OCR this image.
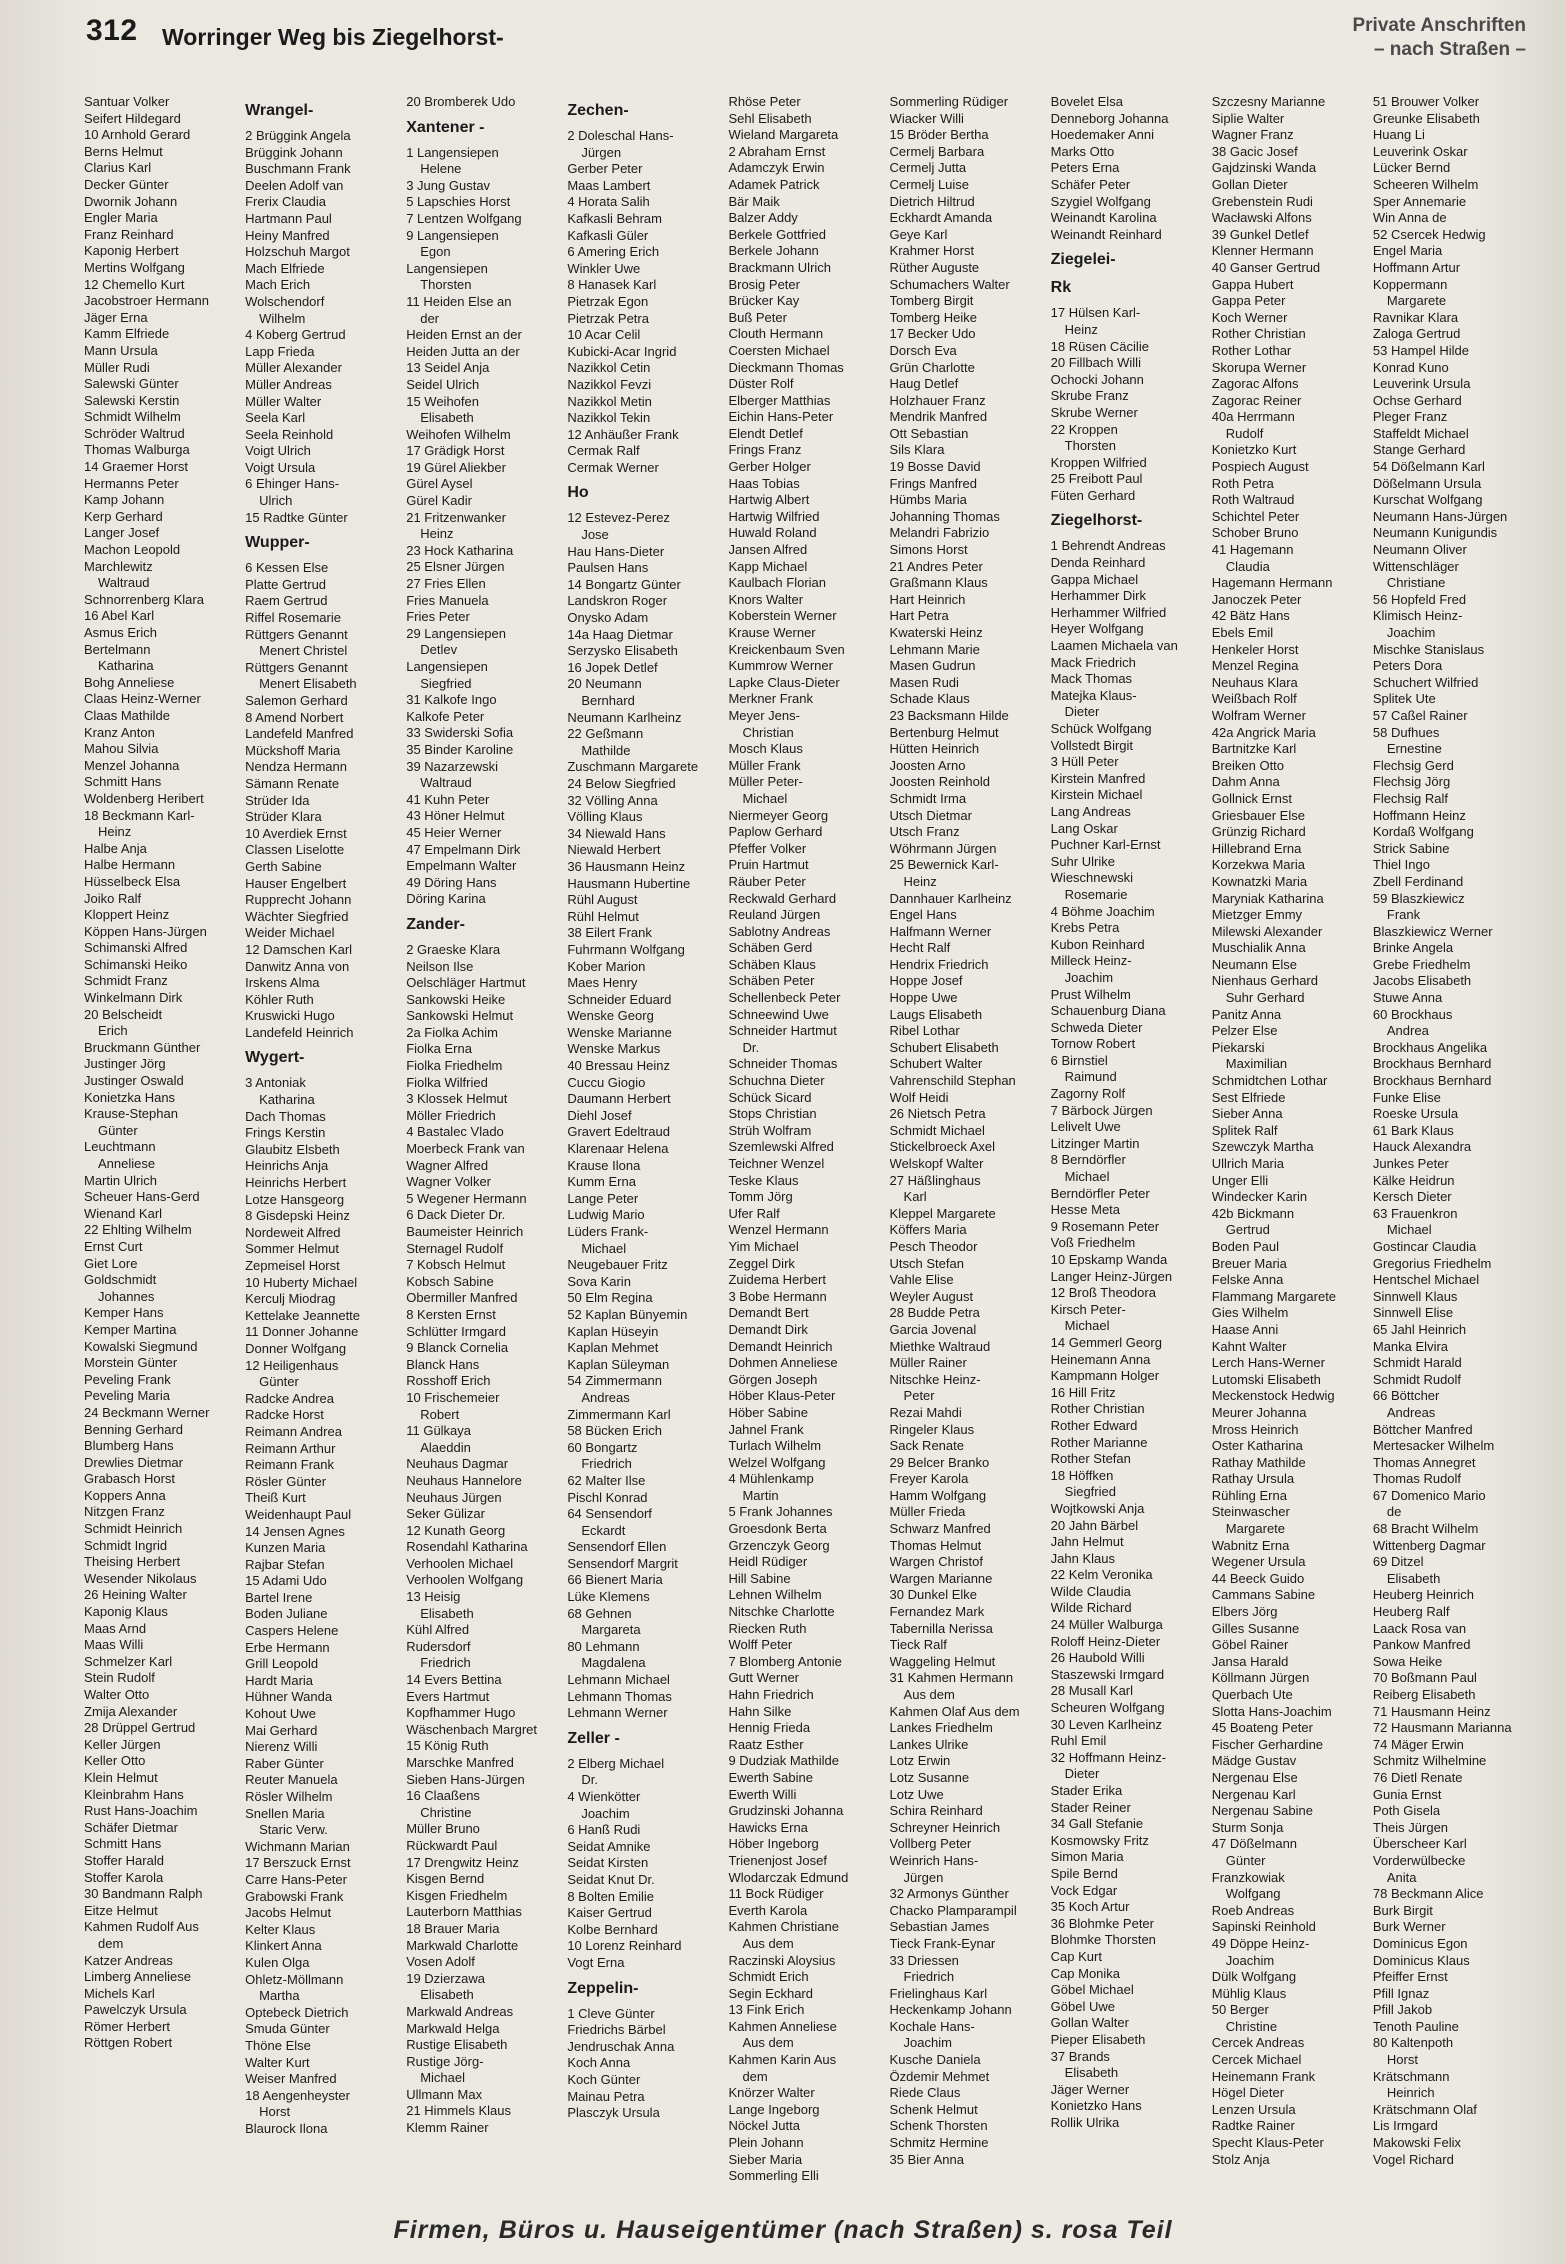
312 Worringer Weg bis Ziegelhorst-	Private Anschriften
– nach Straßen –
Santuar Volker
Seifert Hildegard
10 Arnhold Gerard
Berns Helmut
Clarius Karl
Decker Günter
Dwornik Johann
Engler Maria
Franz Reinhard
Kaponig Herbert
Mertins Wolfgang
12 Chemello Kurt
Jacobstroer Hermann
Jäger Erna
Kamm Elfriede
Mann Ursula
Müller Rudi
Salewski Günter
Salewski Kerstin
Schmidt Wilhelm
Schröder Waltrud
Thomas Walburga
14 Graemer Horst
Hermanns Peter
Kamp Johann
Kerp Gerhard
Langer Josef
Machon Leopold
Marchlewitz
Waltraud
Schnorrenberg Klara
16 Abel Karl
Asmus Erich
Bertelmann
Katharina
Bohg Anneliese
Claas Heinz-Werner
Claas Mathilde
Kranz Anton
Mahou Silvia
Menzel Johanna
Schmitt Hans
Woldenberg Heribert
18 Beckmann Karl-
Heinz
Halbe Anja
Halbe Hermann
Hüsselbeck Elsa
Joiko Ralf
Kloppert Heinz
Köppen Hans-Jürgen
Schimanski Alfred
Schimanski Heiko
Schmidt Franz
Winkelmann Dirk
20 Belscheidt
Erich
Bruckmann Günther
Justinger Jörg
Justinger Oswald
Konietzka Hans
Krause-Stephan
Günter
Leuchtmann
Anneliese
Martin Ulrich
Scheuer Hans-Gerd
Wienand Karl
22 Ehlting Wilhelm
Ernst Curt
Giet Lore
Goldschmidt
Johannes
Kemper Hans
Kemper Martina
Kowalski Siegmund
Morstein Günter
Peveling Frank
Peveling Maria
24 Beckmann Werner
Benning Gerhard
Blumberg Hans
Drewlies Dietmar
Grabasch Horst
Koppers Anna
Nitzgen Franz
Schmidt Heinrich
Schmidt Ingrid
Theising Herbert
Wesender Nikolaus
26 Heining Walter
Kaponig Klaus
Maas Arnd
Maas Willi
Schmelzer Karl
Stein Rudolf
Walter Otto
Zmija Alexander
28 Drüppel Gertrud
Keller Jürgen
Keller Otto
Klein Helmut
Kleinbrahm Hans
Rust Hans-Joachim
Schäfer Dietmar
Schmitt Hans
Stoffer Harald
Stoffer Karola
30 Bandmann Ralph
Eitze Helmut
Kahmen Rudolf Aus
dem
Katzer Andreas
Limberg Anneliese
Michels Karl
Pawelczyk Ursula
Römer Herbert
Röttgen Robert
Wrangel-
2 Brüggink Angela
Brüggink Johann
Buschmann Frank
Deelen Adolf van
Frerix Claudia
Hartmann Paul
Heiny Manfred
Holzschuh Margot
Mach Elfriede
Mach Erich
Wolschendorf
Wilhelm
4 Koberg Gertrud
Lapp Frieda
Müller Alexander
Müller Andreas
Müller Walter
Seela Karl
Seela Reinhold
Voigt Ulrich
Voigt Ursula
6 Ehinger Hans-
Ulrich
15 Radtke Günter
Wupper-
6 Kessen Else
Platte Gertrud
Raem Gertrud
Riffel Rosemarie
Rüttgers Genannt
Menert Christel
Rüttgers Genannt
Menert Elisabeth
Salemon Gerhard
8 Amend Norbert
Landefeld Manfred
Mückshoff Maria
Nendza Hermann
Sämann Renate
Strüder Ida
Strüder Klara
10 Averdiek Ernst
Classen Liselotte
Gerth Sabine
Hauser Engelbert
Rupprecht Johann
Wächter Siegfried
Weider Michael
12 Damschen Karl
Danwitz Anna von
Irskens Alma
Köhler Ruth
Kruswicki Hugo
Landefeld Heinrich
Wygert-
3 Antoniak
Katharina
Dach Thomas
Frings Kerstin
Glaubitz Elsbeth
Heinrichs Anja
Heinrichs Herbert
Lotze Hansgeorg
8 Gisdepski Heinz
Nordeweit Alfred
Sommer Helmut
Zepmeisel Horst
10 Huberty Michael
Kerculj Miodrag
Kettelake Jeannette
11 Donner Johanne
Donner Wolfgang
12 Heiligenhaus
Günter
Radcke Andrea
Radcke Horst
Reimann Andrea
Reimann Arthur
Reimann Frank
Rösler Günter
Theiß Kurt
Weidenhaupt Paul
14 Jensen Agnes
Kunzen Maria
Rajbar Stefan
15 Adami Udo
Bartel Irene
Boden Juliane
Caspers Helene
Erbe Hermann
Grill Leopold
Hardt Maria
Hühner Wanda
Kohout Uwe
Mai Gerhard
Nierenz Willi
Raber Günter
Reuter Manuela
Rösler Wilhelm
Snellen Maria
Staric Verw.
Wichmann Marian
17 Berszuck Ernst
Carre Hans-Peter
Grabowski Frank
Jacobs Helmut
Kelter Klaus
Klinkert Anna
Kulen Olga
Ohletz-Möllmann
Martha
Optebeck Dietrich
Smuda Günter
Thöne Else
Walter Kurt
Weiser Manfred
18 Aengenheyster
Horst
Blaurock Ilona
20 Bromberek Udo
Xantener -
1 Langensiepen
Helene
3 Jung Gustav
5 Lapschies Horst
7 Lentzen Wolfgang
9 Langensiepen
Egon
Langensiepen
Thorsten
11 Heiden Else an
der
Heiden Ernst an der
Heiden Jutta an der
13 Seidel Anja
Seidel Ulrich
15 Weihofen
Elisabeth
Weihofen Wilhelm
17 Grädigk Horst
19 Gürel Aliekber
Gürel Aysel
Gürel Kadir
21 Fritzenwanker
Heinz
23 Hock Katharina
25 Elsner Jürgen
27 Fries Ellen
Fries Manuela
Fries Peter
29 Langensiepen
Detlev
Langensiepen
Siegfried
31 Kalkofe Ingo
Kalkofe Peter
33 Swiderski Sofia
35 Binder Karoline
39 Nazarzewski
Waltraud
41 Kuhn Peter
43 Höner Helmut
45 Heier Werner
47 Empelmann Dirk
Empelmann Walter
49 Döring Hans
Döring Karina
Zander-
2 Graeske Klara
Neilson Ilse
Oelschläger Hartmut
Sankowski Heike
Sankowski Helmut
2a Fiolka Achim
Fiolka Erna
Fiolka Friedhelm
Fiolka Wilfried
3 Klossek Helmut
Möller Friedrich
4 Bastalec Vlado
Moerbeck Frank van
Wagner Alfred
Wagner Volker
5 Wegener Hermann
6 Dack Dieter Dr.
Baumeister Heinrich
Sternagel Rudolf
7 Kobsch Helmut
Kobsch Sabine
Obermiller Manfred
8 Kersten Ernst
Schlütter Irmgard
9 Blanck Cornelia
Blanck Hans
Rosshoff Erich
10 Frischemeier
Robert
11 Gülkaya
Alaeddin
Neuhaus Dagmar
Neuhaus Hannelore
Neuhaus Jürgen
Seker Gülizar
12 Kunath Georg
Rosendahl Katharina
Verhoolen Michael
Verhoolen Wolfgang
13 Heisig
Elisabeth
Kühl Alfred
Rudersdorf
Friedrich
14 Evers Bettina
Evers Hartmut
Kopfhammer Hugo
Wäschenbach Margret
15 König Ruth
Marschke Manfred
Sieben Hans-Jürgen
16 Claaßens
Christine
Müller Bruno
Rückwardt Paul
17 Drengwitz Heinz
Kisgen Bernd
Kisgen Friedhelm
Lauterborn Matthias
18 Brauer Maria
Markwald Charlotte
Vosen Adolf
19 Dzierzawa
Elisabeth
Markwald Andreas
Markwald Helga
Rustige Elisabeth
Rustige Jörg-
Michael
Ullmann Max
21 Himmels Klaus
Klemm Rainer
Zechen-
2 Doleschal Hans-
Jürgen
Gerber Peter
Maas Lambert
4 Horata Salih
Kafkasli Behram
Kafkasli Güler
6 Amering Erich
Winkler Uwe
8 Hanasek Karl
Pietrzak Egon
Pietrzak Petra
10 Acar Celil
Kubicki-Acar Ingrid
Nazikkol Cetin
Nazikkol Fevzi
Nazikkol Metin
Nazikkol Tekin
12 Anhäußer Frank
Cermak Ralf
Cermak Werner
Ho
12 Estevez-Perez
Jose
Hau Hans-Dieter
Paulsen Hans
14 Bongartz Günter
Landskron Roger
Onysko Adam
14a Haag Dietmar
Serzysko Elisabeth
16 Jopek Detlef
20 Neumann
Bernhard
Neumann Karlheinz
22 Geßmann
Mathilde
Zuschmann Margarete
24 Below Siegfried
32 Völling Anna
Völling Klaus
34 Niewald Hans
Niewald Herbert
36 Hausmann Heinz
Hausmann Hubertine
Rühl August
Rühl Helmut
38 Eilert Frank
Fuhrmann Wolfgang
Kober Marion
Maes Henry
Schneider Eduard
Wenske Georg
Wenske Marianne
Wenske Markus
40 Bressau Heinz
Cuccu Giogio
Daumann Herbert
Diehl Josef
Gravert Edeltraud
Klarenaar Helena
Krause Ilona
Kumm Erna
Lange Peter
Ludwig Mario
Lüders Frank-
Michael
Neugebauer Fritz
Sova Karin
50 Elm Regina
52 Kaplan Bünyemin
Kaplan Hüseyin
Kaplan Mehmet
Kaplan Süleyman
54 Zimmermann
Andreas
Zimmermann Karl
58 Bücken Erich
60 Bongartz
Friedrich
62 Malter Ilse
Pischl Konrad
64 Sensendorf
Eckardt
Sensendorf Ellen
Sensendorf Margrit
66 Bienert Maria
Lüke Klemens
68 Gehnen
Margareta
80 Lehmann
Magdalena
Lehmann Michael
Lehmann Thomas
Lehmann Werner
Zeller -
2 Elberg Michael
Dr.
4 Wienkötter
Joachim
6 Hanß Rudi
Seidat Amnike
Seidat Kirsten
Seidat Knut Dr.
8 Bolten Emilie
Kaiser Gertrud
Kolbe Bernhard
10 Lorenz Reinhard
Vogt Erna
Zeppelin-
1 Cleve Günter
Friedrichs Bärbel
Jendruschak Anna
Koch Anna
Koch Günter
Mainau Petra
Plasczyk Ursula
Rhöse Peter
Sehl Elisabeth
Wieland Margareta
2 Abraham Ernst
Adamczyk Erwin
Adamek Patrick
Bär Maik
Balzer Addy
Berkele Gottfried
Berkele Johann
Brackmann Ulrich
Brosig Peter
Brücker Kay
Buß Peter
Clouth Hermann
Coersten Michael
Dieckmann Thomas
Düster Rolf
Elberger Matthias
Eichin Hans-Peter
Elendt Detlef
Frings Franz
Gerber Holger
Haas Tobias
Hartwig Albert
Hartwig Wilfried
Huwald Roland
Jansen Alfred
Kapp Michael
Kaulbach Florian
Knors Walter
Koberstein Werner
Krause Werner
Kreickenbaum Sven
Kummrow Werner
Lapke Claus-Dieter
Merkner Frank
Meyer Jens-
Christian
Mosch Klaus
Müller Frank
Müller Peter-
Michael
Niermeyer Georg
Paplow Gerhard
Pfeffer Volker
Pruin Hartmut
Räuber Peter
Reckwald Gerhard
Reuland Jürgen
Sablotny Andreas
Schäben Gerd
Schäben Klaus
Schäben Peter
Schellenbeck Peter
Schneewind Uwe
Schneider Hartmut
Dr.
Schneider Thomas
Schuchna Dieter
Schück Sicard
Stops Christian
Strüh Wolfram
Szemlewski Alfred
Teichner Wenzel
Teske Klaus
Tomm Jörg
Ufer Ralf
Wenzel Hermann
Yim Michael
Zeggel Dirk
Zuidema Herbert
3 Bobe Hermann
Demandt Bert
Demandt Dirk
Demandt Heinrich
Dohmen Anneliese
Görgen Joseph
Höber Klaus-Peter
Höber Sabine
Jahnel Frank
Turlach Wilhelm
Welzel Wolfgang
4 Mühlenkamp
Martin
5 Frank Johannes
Groesdonk Berta
Grzenczyk Georg
Heidl Rüdiger
Hill Sabine
Lehnen Wilhelm
Nitschke Charlotte
Riecken Ruth
Wolff Peter
7 Blomberg Antonie
Gutt Werner
Hahn Friedrich
Hahn Silke
Hennig Frieda
Raatz Esther
9 Dudziak Mathilde
Ewerth Sabine
Ewerth Willi
Grudzinski Johanna
Hawicks Erna
Höber Ingeborg
Trienenjost Josef
Wlodarczak Edmund
11 Bock Rüdiger
Everth Karola
Kahmen Christiane
Aus dem
Raczinski Aloysius
Schmidt Erich
Segin Eckhard
13 Fink Erich
Kahmen Anneliese
Aus dem
Kahmen Karin Aus
dem
Knörzer Walter
Lange Ingeborg
Nöckel Jutta
Plein Johann
Sieber Maria
Sommerling Elli
Sommerling Rüdiger
Wiacker Willi
15 Bröder Bertha
Cermelj Barbara
Cermelj Jutta
Cermelj Luise
Dietrich Hiltrud
Eckhardt Amanda
Geye Karl
Krahmer Horst
Rüther Auguste
Schumachers Walter
Tomberg Birgit
Tomberg Heike
17 Becker Udo
Dorsch Eva
Grün Charlotte
Haug Detlef
Holzhauer Franz
Mendrik Manfred
Ott Sebastian
Sils Klara
19 Bosse David
Frings Manfred
Hümbs Maria
Johanning Thomas
Melandri Fabrizio
Simons Horst
21 Andres Peter
Graßmann Klaus
Hart Heinrich
Hart Petra
Kwaterski Heinz
Lehmann Marie
Masen Gudrun
Masen Rudi
Schade Klaus
23 Backsmann Hilde
Bertenburg Helmut
Hütten Heinrich
Joosten Arno
Joosten Reinhold
Schmidt Irma
Utsch Dietmar
Utsch Franz
Wöhrmann Jürgen
25 Bewernick Karl-
Heinz
Dannhauer Karlheinz
Engel Hans
Halfmann Werner
Hecht Ralf
Hendrix Friedrich
Hoppe Josef
Hoppe Uwe
Laugs Elisabeth
Ribel Lothar
Schubert Elisabeth
Schubert Walter
Vahrenschild Stephan
Wolf Heidi
26 Nietsch Petra
Schmidt Michael
Stickelbroeck Axel
Welskopf Walter
27 Häßlinghaus
Karl
Kleppel Margarete
Köffers Maria
Pesch Theodor
Utsch Stefan
Vahle Elise
Weyler August
28 Budde Petra
Garcia Jovenal
Miethke Waltraud
Müller Rainer
Nitschke Heinz-
Peter
Rezai Mahdi
Ringeler Klaus
Sack Renate
29 Belcer Branko
Freyer Karola
Hamm Wolfgang
Müller Frieda
Schwarz Manfred
Thomas Helmut
Wargen Christof
Wargen Marianne
30 Dunkel Elke
Fernandez Mark
Tabernilla Nerissa
Tieck Ralf
Waggeling Helmut
31 Kahmen Hermann
Aus dem
Kahmen Olaf Aus dem
Lankes Friedhelm
Lankes Ulrike
Lotz Erwin
Lotz Susanne
Lotz Uwe
Schira Reinhard
Schreyner Heinrich
Vollberg Peter
Weinrich Hans-
Jürgen
32 Armonys Günther
Chacko Plamparampil
Sebastian James
Tieck Frank-Eynar
33 Driessen
Friedrich
Frielinghaus Karl
Heckenkamp Johann
Kochale Hans-
Joachim
Kusche Daniela
Özdemir Mehmet
Riede Claus
Schenk Helmut
Schenk Thorsten
Schmitz Hermine
35 Bier Anna
Bovelet Elsa
Denneborg Johanna
Hoedemaker Anni
Marks Otto
Peters Erna
Schäfer Peter
Szygiel Wolfgang
Weinandt Karolina
Weinandt Reinhard
Ziegelei-
Rk
17 Hülsen Karl-
Heinz
18 Rüsen Cäcilie
20 Fillbach Willi
Ochocki Johann
Skrube Franz
Skrube Werner
22 Kroppen
Thorsten
Kroppen Wilfried
25 Freibott Paul
Füten Gerhard
Ziegelhorst-
1 Behrendt Andreas
Denda Reinhard
Gappa Michael
Herhammer Dirk
Herhammer Wilfried
Heyer Wolfgang
Laamen Michaela van
Mack Friedrich
Mack Thomas
Matejka Klaus-
Dieter
Schück Wolfgang
Vollstedt Birgit
3 Hüll Peter
Kirstein Manfred
Kirstein Michael
Lang Andreas
Lang Oskar
Puchner Karl-Ernst
Suhr Ulrike
Wieschnewski
Rosemarie
4 Böhme Joachim
Krebs Petra
Kubon Reinhard
Milleck Heinz-
Joachim
Prust Wilhelm
Schauenburg Diana
Schweda Dieter
Tornow Robert
6 Birnstiel
Raimund
Zagorny Rolf
7 Bärbock Jürgen
Lelivelt Uwe
Litzinger Martin
8 Berndörfler
Michael
Berndörfler Peter
Hesse Meta
9 Rosemann Peter
Voß Friedhelm
10 Epskamp Wanda
Langer Heinz-Jürgen
12 Broß Theodora
Kirsch Peter-
Michael
14 Gemmerl Georg
Heinemann Anna
Kampmann Holger
16 Hill Fritz
Rother Christian
Rother Edward
Rother Marianne
Rother Stefan
18 Höffken
Siegfried
Wojtkowski Anja
20 Jahn Bärbel
Jahn Helmut
Jahn Klaus
22 Kelm Veronika
Wilde Claudia
Wilde Richard
24 Müller Walburga
Roloff Heinz-Dieter
26 Haubold Willi
Staszewski Irmgard
28 Musall Karl
Scheuren Wolfgang
30 Leven Karlheinz
Ruhl Emil
32 Hoffmann Heinz-
Dieter
Stader Erika
Stader Reiner
34 Gall Stefanie
Kosmowsky Fritz
Simon Maria
Spile Bernd
Vock Edgar
35 Koch Artur
36 Blohmke Peter
Blohmke Thorsten
Cap Kurt
Cap Monika
Göbel Michael
Göbel Uwe
Gollan Walter
Pieper Elisabeth
37 Brands
Elisabeth
Jäger Werner
Konietzko Hans
Rollik Ulrika
Szczesny Marianne
Siplie Walter
Wagner Franz
38 Gacic Josef
Gajdzinski Wanda
Gollan Dieter
Grebenstein Rudi
Wacławski Alfons
39 Gunkel Detlef
Klenner Hermann
40 Ganser Gertrud
Gappa Hubert
Gappa Peter
Koch Werner
Rother Christian
Rother Lothar
Skorupa Werner
Zagorac Alfons
Zagorac Reiner
40a Herrmann
Rudolf
Konietzko Kurt
Pospiech August
Roth Petra
Roth Waltraud
Schichtel Peter
Schober Bruno
41 Hagemann
Claudia
Hagemann Hermann
Janoczek Peter
42 Bätz Hans
Ebels Emil
Henkeler Horst
Menzel Regina
Neuhaus Klara
Weißbach Rolf
Wolfram Werner
42a Angrick Maria
Bartnitzke Karl
Breiken Otto
Dahm Anna
Gollnick Ernst
Griesbauer Else
Grünzig Richard
Hillebrand Erna
Korzekwa Maria
Kownatzki Maria
Maryniak Katharina
Mietzger Emmy
Milewski Alexander
Muschialik Anna
Neumann Else
Nienhaus Gerhard
Suhr Gerhard
Panitz Anna
Pelzer Else
Piekarski
Maximilian
Schmidtchen Lothar
Sest Elfriede
Sieber Anna
Splitek Ralf
Szewczyk Martha
Ullrich Maria
Unger Elli
Windecker Karin
42b Bickmann
Gertrud
Boden Paul
Breuer Maria
Felske Anna
Flammang Margarete
Gies Wilhelm
Haase Anni
Kahnt Walter
Lerch Hans-Werner
Lutomski Elisabeth
Meckenstock Hedwig
Meurer Johanna
Mross Heinrich
Oster Katharina
Rathay Mathilde
Rathay Ursula
Rühling Erna
Steinwascher
Margarete
Wabnitz Erna
Wegener Ursula
44 Beeck Guido
Cammans Sabine
Elbers Jörg
Gilles Susanne
Göbel Rainer
Jansa Harald
Köllmann Jürgen
Querbach Ute
Slotta Hans-Joachim
45 Boateng Peter
Fischer Gerhardine
Mädge Gustav
Nergenau Else
Nergenau Karl
Nergenau Sabine
Sturm Sonja
47 Dößelmann
Günter
Franzkowiak
Wolfgang
Roeb Andreas
Sapinski Reinhold
49 Döppe Heinz-
Joachim
Dülk Wolfgang
Mühlig Klaus
50 Berger
Christine
Cercek Andreas
Cercek Michael
Heinemann Frank
Högel Dieter
Lenzen Ursula
Radtke Rainer
Specht Klaus-Peter
Stolz Anja
51 Brouwer Volker
Greunke Elisabeth
Huang Li
Leuverink Oskar
Lücker Bernd
Scheeren Wilhelm
Sper Annemarie
Win Anna de
52 Csercek Hedwig
Engel Maria
Hoffmann Artur
Koppermann
Margarete
Ravnikar Klara
Zaloga Gertrud
53 Hampel Hilde
Konrad Kuno
Leuverink Ursula
Ochse Gerhard
Pleger Franz
Staffeldt Michael
Stange Gerhard
54 Dößelmann Karl
Dößelmann Ursula
Kurschat Wolfgang
Neumann Hans-Jürgen
Neumann Kunigundis
Neumann Oliver
Wittenschläger
Christiane
56 Hopfeld Fred
Klimisch Heinz-
Joachim
Mischke Stanislaus
Peters Dora
Schuchert Wilfried
Splitek Ute
57 Caßel Rainer
58 Dufhues
Ernestine
Flechsig Gerd
Flechsig Jörg
Flechsig Ralf
Hoffmann Heinz
Kordaß Wolfgang
Strick Sabine
Thiel Ingo
Zbell Ferdinand
59 Blaszkiewicz
Frank
Blaszkiewicz Werner
Brinke Angela
Grebe Friedhelm
Jacobs Elisabeth
Stuwe Anna
60 Brockhaus
Andrea
Brockhaus Angelika
Brockhaus Bernhard
Brockhaus Bernhard
Funke Elise
Roeske Ursula
61 Bark Klaus
Hauck Alexandra
Junkes Peter
Kälke Heidrun
Kersch Dieter
63 Frauenkron
Michael
Gostincar Claudia
Gregorius Friedhelm
Hentschel Michael
Sinnwell Klaus
Sinnwell Elise
65 Jahl Heinrich
Manka Elvira
Schmidt Harald
Schmidt Rudolf
66 Böttcher
Andreas
Böttcher Manfred
Mertesacker Wilhelm
Thomas Annegret
Thomas Rudolf
67 Domenico Mario
de
68 Bracht Wilhelm
Wittenberg Dagmar
69 Ditzel
Elisabeth
Heuberg Heinrich
Heuberg Ralf
Laack Rosa van
Pankow Manfred
Sowa Heike
70 Boßmann Paul
Reiberg Elisabeth
71 Hausmann Heinz
72 Hausmann Marianna
74 Mäger Erwin
Schmitz Wilhelmine
76 Dietl Renate
Gunia Ernst
Poth Gisela
Theis Jürgen
Überscheer Karl
Vorderwülbecke
Anita
78 Beckmann Alice
Burk Birgit
Burk Werner
Dominicus Egon
Dominicus Klaus
Pfeiffer Ernst
Pfill Ignaz
Pfill Jakob
Tenoth Pauline
80 Kaltenpoth
Horst
Krätschmann
Heinrich
Krätschmann Olaf
Lis Irmgard
Makowski Felix
Vogel Richard
Firmen, Büros u. Hauseigentümer (nach Straßen) s. rosa Teil
